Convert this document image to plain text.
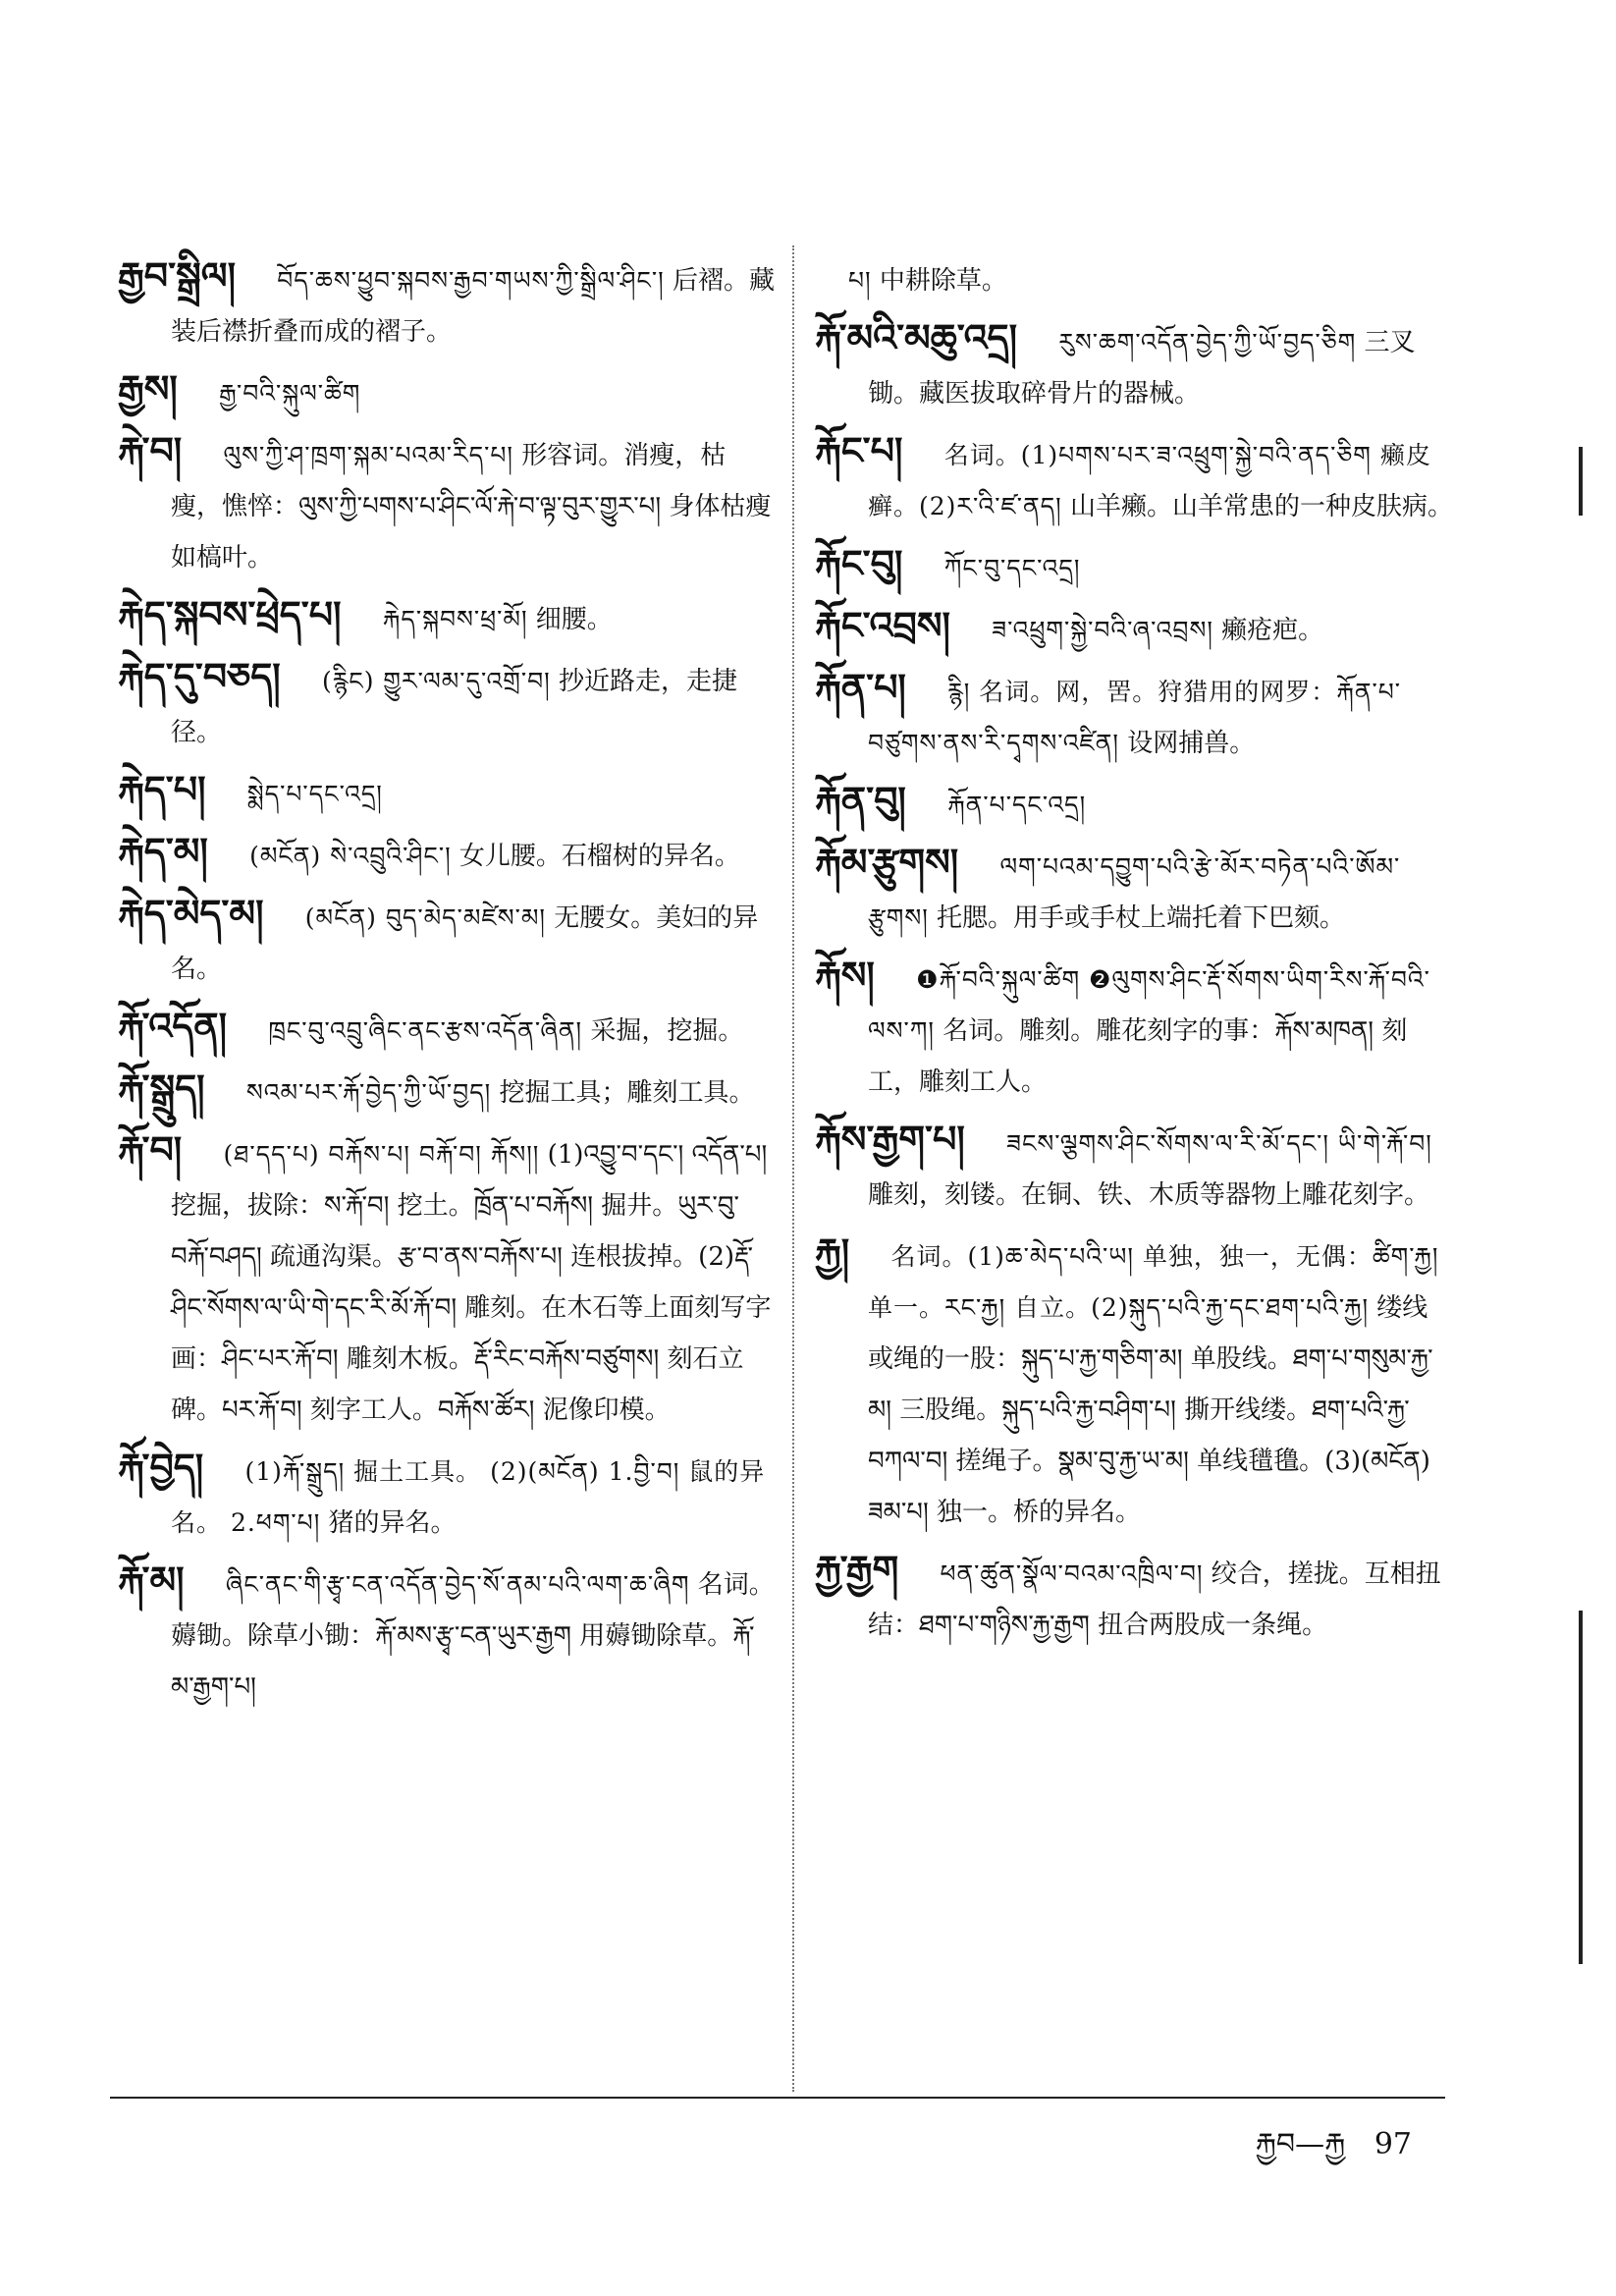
རྒྱབ་སྒྲིལ། བོད་ཆས་ཕྱུབ་སྐབས་རྒྱབ་གཡས་ཀྱི་སྒྲིལ་ཤིང་། 后褶。藏装后襟折叠而成的褶子。

རྒྱས། རྒྱ་བའི་སྐུལ་ཚིག

རྐེ་བ། ལུས་ཀྱི་ཤ་ཁྲག་སྐམ་པའམ་རིད་པ། 形容词。消瘦，枯瘦，憔悴：ལུས་ཀྱི་པགས་པ་ཤིང་ལོ་རྐེ་བ་ལྟ་བུར་གྱུར་པ། 身体枯瘦如槁叶。

རྐེད་སྐབས་ཕྲེད་པ། རྐེད་སྐབས་ཕྲ་མོ། 细腰。

རྐེད་དུ་བཅད། (རྙིང) གྱུར་ལམ་དུ་འགྲོ་བ། 抄近路走，走捷径。

རྐེད་པ། སྨེད་པ་དང་འདྲ།

རྐེད་མ། (མངོན) སེ་འབྲུའི་ཤིང་། 女儿腰。石榴树的异名。

རྐེད་མེད་མ། (མངོན) བུད་མེད་མཛེས་མ། 无腰女。美妇的异名。

རྐོ་འདོན། ཁྲང་བུ་འབྲུ་ཞིང་ནང་རྩས་འདོན་ཞིན། 采掘，挖掘。

རྐོ་སྒྲུད། སའམ་པར་རྐོ་བྱེད་ཀྱི་ཡོ་བྱད། 挖掘工具；雕刻工具。

རྐོ་བ། (ཐ་དད་པ) བརྐོས་པ། བརྐོ་བ། རྐོས།། (1)འབྱུ་བ་དང་། འདོན་པ། 挖掘，拔除：ས་རྐོ་བ། 挖土。ཁྲོན་པ་བརྐོས། 掘井。ཡུར་བུ་བརྐོ་བཤད། 疏通沟渠。རྩ་བ་ནས་བརྐོས་པ། 连根拔掉。(2)རྡོ་ཤིང་སོགས་ལ་ཡི་གེ་དང་རི་མོ་རྐོ་བ། 雕刻。在木石等上面刻写字画：ཤིང་པར་རྐོ་བ། 雕刻木板。རྡོ་རིང་བརྐོས་བཙུགས། 刻石立碑。པར་རྐོ་བ། 刻字工人。བརྐོས་ཚོར། 泥像印模。

རྐོ་བྱེད། (1)རྐོ་སྒྲུད། 掘土工具。 (2)(མངོན) 1.བྱི་བ། 鼠的异名。 2.ཕག་པ། 猪的异名。

རྐོ་མ། ཞིང་ནང་གི་རྩྭ་ངན་འདོན་བྱེད་སོ་ནམ་པའི་ལག་ཆ་ཞིག 名词。薅锄。除草小锄：རྐོ་མས་རྩྭ་ངན་ཡུར་རྒྱག 用薅锄除草。རྐོ་མ་རྒྱག་པ།

པ། 中耕除草。

རྐོ་མའི་མཆུ་འདྲ། རུས་ཆག་འདོན་བྱེད་ཀྱི་ཡོ་བྱད་ཅིག 三叉锄。藏医拔取碎骨片的器械。

རྐོང་པ། 名词。(1)པགས་པར་ཟ་འཕྲུག་སྐྱེ་བའི་ནད་ཅིག 癞皮癣。(2)ར་འི་ཛ་ནད། 山羊癞。山羊常患的一种皮肤病。

རྐོང་བུ། ཀོང་བུ་དང་འདྲ།

རྐོང་འབྲས། ཟ་འཕྲུག་སྐྱེ་བའི་ཞ་འབྲས། 癞疮疤。

རྐོན་པ། རྙི། 名词。网，罟。狩猎用的网罗：རྐོན་པ་བཙུགས་ནས་རི་དྭགས་འཛིན། 设网捕兽。

རྐོན་བུ། རྐོན་པ་དང་འདྲ།

རྐོམ་རྩུགས། ལག་པའམ་དབྱུག་པའི་རྩེ་མོར་བཏེན་པའི་ཨོམ་རྩུགས། 托腮。用手或手杖上端托着下巴颏。

རྐོས། ❶རྐོ་བའི་སྐུལ་ཚིག ❷ལུགས་ཤིང་རྡོ་སོགས་ཡིག་རིས་རྐོ་བའི་ལས་ཀ། 名词。雕刻。雕花刻字的事：རྐོས་མཁན། 刻工，雕刻工人。

རྐོས་རྒྱག་པ། ཟངས་ལྕགས་ཤིང་སོགས་ལ་རི་མོ་དང་། ཡི་གེ་རྐོ་བ། 雕刻，刻镂。在铜、铁、木质等器物上雕花刻字。

རྐྱ། 名词。(1)ཆ་མེད་པའི་ཡ། 单独，独一，无偶：ཚིག་རྐྱ། 单一。རང་རྐྱ། 自立。(2)སྐུད་པའི་རྐྱ་དང་ཐག་པའི་རྐྱ། 缕线或绳的一股：སྐུད་པ་རྐྱ་གཅིག་མ། 单股线。ཐག་པ་གསུམ་རྐྱ་མ། 三股绳。སྐུད་པའི་རྐྱ་བཤིག་པ། 撕开线缕。ཐག་པའི་རྐྱ་བཀལ་བ། 搓绳子。སྣམ་བུ་རྐྱ་ཡ་མ། 单线氆氇。(3)(མངོན) ཟམ་པ། 独一。桥的异名。

རྐྱ་རྒྱག ཕན་ཚུན་སྣོལ་བའམ་འཁྲིལ་བ། 绞合，搓拢。互相扭结：ཐག་པ་གཉིས་རྐྱ་རྒྱག 扭合两股成一条绳。

རྐྱབ—རྐྱ 97
